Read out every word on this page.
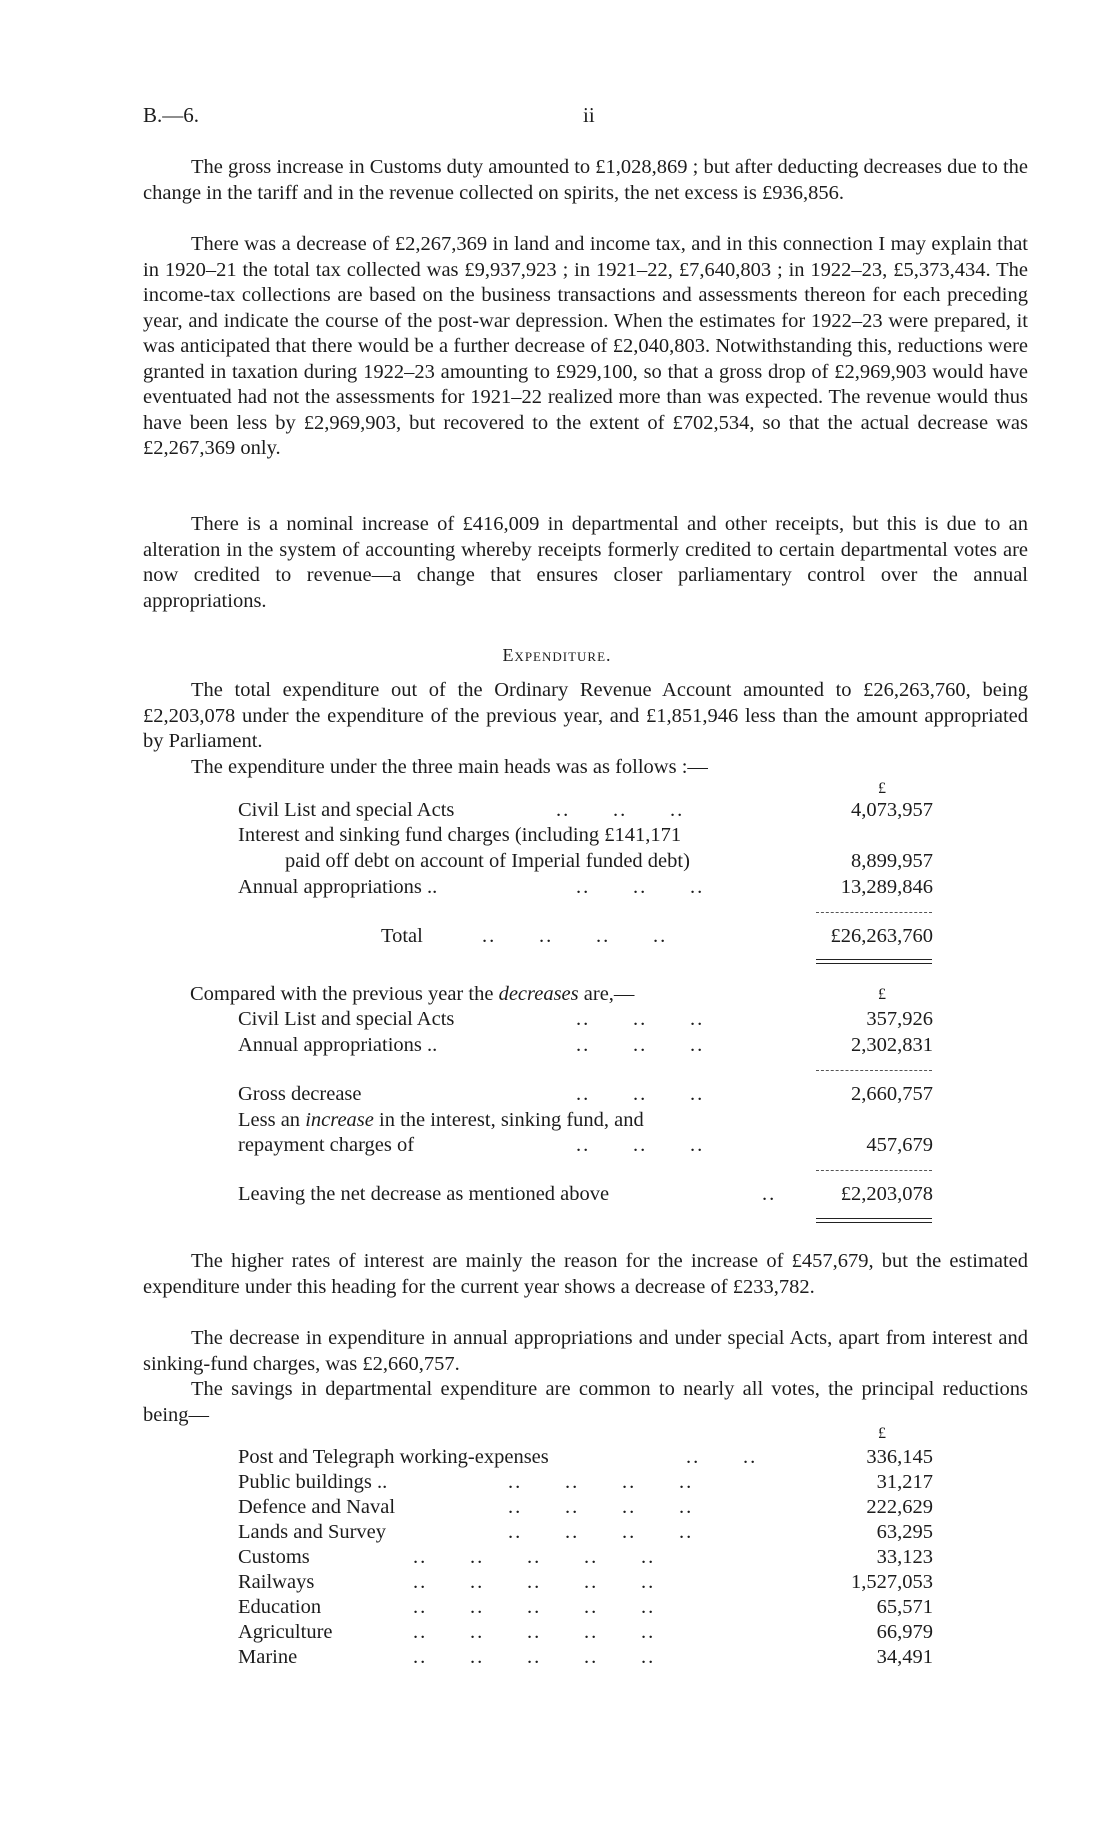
B.—6.	ii

The gross increase in Customs duty amounted to £1,028,869 ; but after deducting decreases due to the change in the tariff and in the revenue collected on spirits, the net excess is £936,856.

There was a decrease of £2,267,369 in land and income tax, and in this connection I may explain that in 1920–21 the total tax collected was £9,937,923 ; in 1921–22, £7,640,803 ; in 1922–23, £5,373,434. The income-tax collections are based on the business transactions and assessments thereon for each preceding year, and indicate the course of the post-war depression. When the estimates for 1922–23 were prepared, it was anticipated that there would be a further decrease of £2,040,803. Notwithstanding this, reductions were granted in taxation during 1922–23 amounting to £929,100, so that a gross drop of £2,969,903 would have eventuated had not the assessments for 1921–22 realized more than was expected. The revenue would thus have been less by £2,969,903, but recovered to the extent of £702,534, so that the actual decrease was £2,267,369 only.

There is a nominal increase of £416,009 in departmental and other receipts, but this is due to an alteration in the system of accounting whereby receipts formerly credited to certain departmental votes are now credited to revenue—a change that ensures closer parliamentary control over the annual appropriations.

Expenditure.

The total expenditure out of the Ordinary Revenue Account amounted to £26,263,760, being £2,203,078 under the expenditure of the previous year, and £1,851,946 less than the amount appropriated by Parliament.

The expenditure under the three main heads was as follows :—

£
Civil List and special Acts	..      ..      ..	4,073,957
Interest and sinking fund charges (including £141,171
paid off debt on account of Imperial funded debt)	8,899,957
Annual appropriations ..	..      ..      ..	13,289,846
Total	..      ..      ..      ..	£26,263,760
Compared with the previous year the decreases are,—	£
Civil List and special Acts	..      ..      ..	357,926
Annual appropriations ..	..      ..      ..	2,302,831
Gross decrease	..      ..      ..	2,660,757
Less an increase in the interest, sinking fund, and
repayment charges of	..      ..      ..	457,679
Leaving the net decrease as mentioned above	..	£2,203,078

The higher rates of interest are mainly the reason for the increase of £457,679, but the estimated expenditure under this heading for the current year shows a decrease of £233,782.

The decrease in expenditure in annual appropriations and under special Acts, apart from interest and sinking-fund charges, was £2,660,757.

The savings in departmental expenditure are common to nearly all votes, the principal reductions being—

£
Post and Telegraph working-expenses	..      ..	336,145
Public buildings ..	..      ..      ..      ..	31,217
Defence and Naval	..      ..      ..      ..	222,629
Lands and Survey	..      ..      ..      ..	63,295
Customs	..      ..      ..      ..      ..	33,123
Railways	..      ..      ..      ..      ..	1,527,053
Education	..      ..      ..      ..      ..	65,571
Agriculture	..      ..      ..      ..      ..	66,979
Marine	..      ..      ..      ..      ..	34,491
